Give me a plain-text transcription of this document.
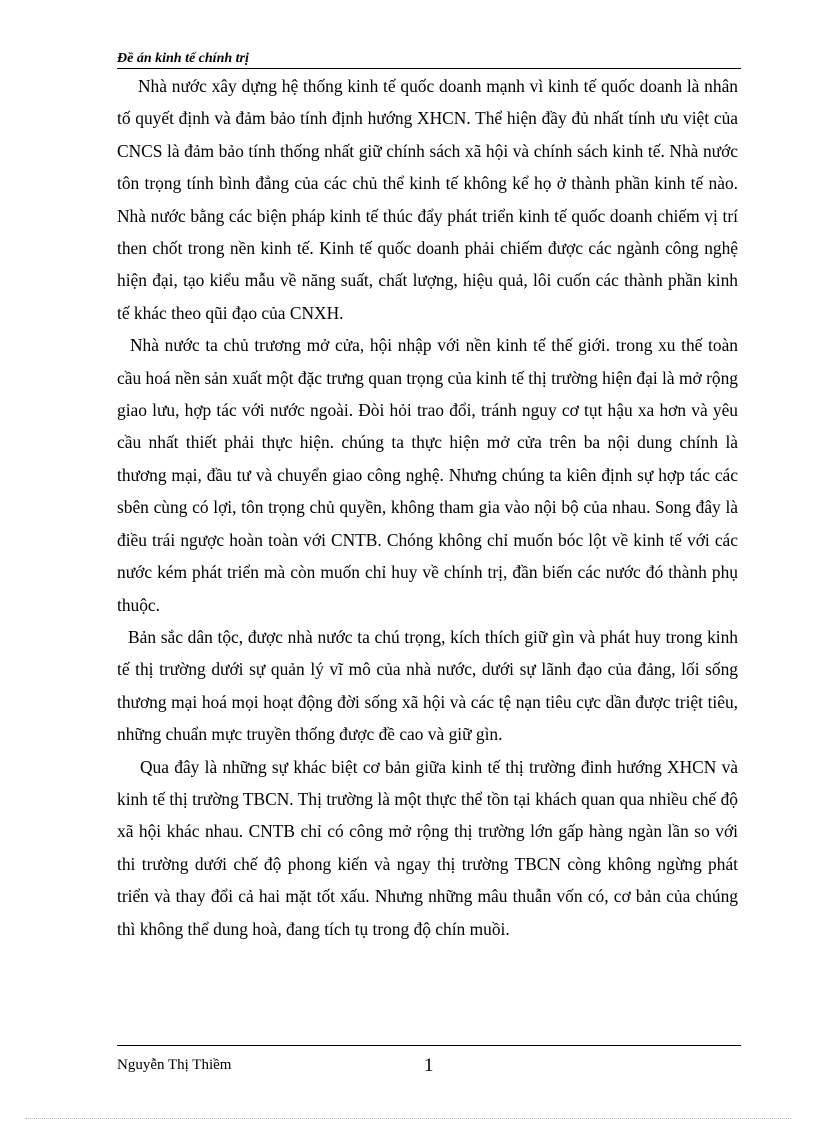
Đề án kinh tế chính trị

Nhà nước xây dựng hệ thống kinh tế quốc doanh mạnh vì kinh tế quốc doanh là nhân tố quyết định và đảm bảo tính định hướng XHCN. Thể hiện đầy đủ nhất tính ưu việt của CNCS là đảm bảo tính thống nhất giữ chính sách xã hội và chính sách kinh tế. Nhà nước tôn trọng tính bình đẳng của các chủ thể kinh tế không kể họ ở thành phần kinh tế nào. Nhà nước bằng các biện pháp kinh tế thúc đẩy phát triển kinh tế quốc doanh chiếm vị trí then chốt trong nền kinh tế. Kinh tế quốc doanh phải chiếm được các ngành công nghệ hiện đại, tạo kiểu mẫu về năng suất, chất lượng, hiệu quả, lôi cuốn các thành phần kinh tế khác theo qũi đạo của CNXH.

Nhà nước ta chủ trương mở cửa, hội nhập với nền kinh tế thế giới. trong xu thế toàn cầu hoá nền sản xuất một đặc trưng quan trọng của kinh tế thị trường hiện đại là mở rộng giao lưu, hợp tác với nước ngoài. Đòi hỏi trao đổi, tránh nguy cơ tụt hậu xa hơn và yêu cầu nhất thiết phải thực hiện. chúng ta thực hiện mở cửa trên ba nội dung chính là thương mại, đầu tư và chuyển giao công nghệ. Nhưng chúng ta kiên định sự hợp tác các sbên cùng có lợi, tôn trọng chủ quyền, không tham gia vào nội bộ của nhau. Song đây là điều trái ngược hoàn toàn với CNTB. Chóng không chỉ muốn bóc lột về kinh tế với các nước kém phát triển mà còn muốn chỉ huy về chính trị, đần biến các nước đó thành phụ thuộc.

Bản sắc dân tộc, được nhà nước ta chú trọng, kích thích giữ gìn và phát huy trong kinh tế thị trường dưới sự quản lý vĩ mô của nhà nước, dưới sự lãnh đạo của đảng, lối sống thương mại hoá mọi hoạt động đời sống xã hội và các tệ nạn tiêu cực dần được triệt tiêu, những chuẩn mực truyền thống được đề cao và giữ gìn.

Qua đây là những sự khác biệt cơ bản giữa kinh tế thị trường đinh hướng XHCN và kinh tế thị trường TBCN. Thị trường là một thực thể tồn tại khách quan qua nhiều chế độ xã hội khác nhau. CNTB chỉ có công mở rộng thị trường lớn gấp hàng ngàn lần so với thi trường dưới chế độ phong kiến và ngay thị trường TBCN còng không ngừng phát triển và thay đổi cả hai mặt tốt xấu. Nhưng những mâu thuẫn vốn có, cơ bản của chúng thì không thể dung hoà, đang tích tụ trong độ chín muồi.

Nguyễn Thị Thiềm	1
